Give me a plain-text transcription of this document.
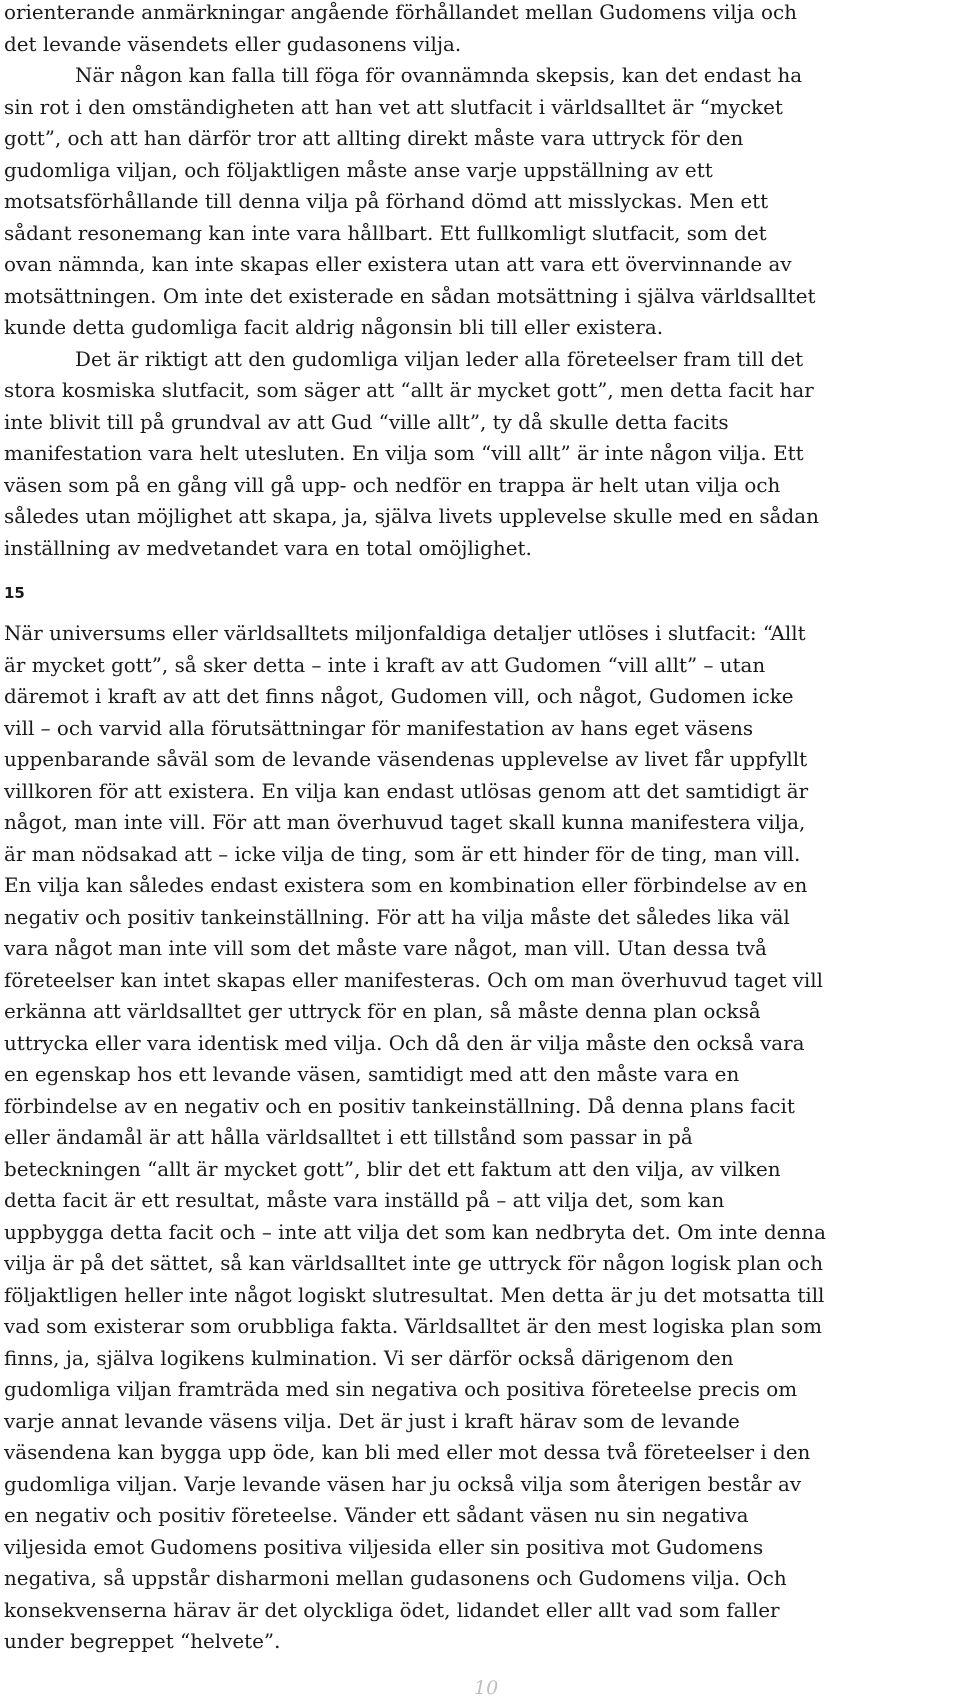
orienterande anmärkningar angående förhållandet mellan Gudomens vilja och
det levande väsendets eller gudasonens vilja.
När någon kan falla till föga för ovannämnda skepsis, kan det endast ha
sin rot i den omständigheten att han vet att slutfacit i världsalltet är “mycket
gott”, och att han därför tror att allting direkt måste vara uttryck för den
gudomliga viljan, och följaktligen måste anse varje uppställning av ett
motsatsförhållande till denna vilja på förhand dömd att misslyckas. Men ett
sådant resonemang kan inte vara hållbart. Ett fullkomligt slutfacit, som det
ovan nämnda, kan inte skapas eller existera utan att vara ett övervinnande av
motsättningen. Om inte det existerade en sådan motsättning i själva världsalltet
kunde detta gudomliga facit aldrig någonsin bli till eller existera.
Det är riktigt att den gudomliga viljan leder alla företeelser fram till det
stora kosmiska slutfacit, som säger att “allt är mycket gott”, men detta facit har
inte blivit till på grundval av att Gud “ville allt”, ty då skulle detta facits
manifestation vara helt utesluten. En vilja som “vill allt” är inte någon vilja. Ett
väsen som på en gång vill gå upp- och nedför en trappa är helt utan vilja och
således utan möjlighet att skapa, ja, själva livets upplevelse skulle med en sådan
inställning av medvetandet vara en total omöjlighet.
15
När universums eller världsalltets miljonfaldiga detaljer utlöses i slutfacit: “Allt
är mycket gott”, så sker detta – inte i kraft av att Gudomen “vill allt” – utan
däremot i kraft av att det finns något, Gudomen vill, och något, Gudomen icke
vill – och varvid alla förutsättningar för manifestation av hans eget väsens
uppenbarande såväl som de levande väsendenas upplevelse av livet får uppfyllt
villkoren för att existera. En vilja kan endast utlösas genom att det samtidigt är
något, man inte vill. För att man överhuvud taget skall kunna manifestera vilja,
är man nödsakad att – icke vilja de ting, som är ett hinder för de ting, man vill.
En vilja kan således endast existera som en kombination eller förbindelse av en
negativ och positiv tankeinställning. För att ha vilja måste det således lika väl
vara något man inte vill som det måste vare något, man vill. Utan dessa två
företeelser kan intet skapas eller manifesteras. Och om man överhuvud taget vill
erkänna att världsalltet ger uttryck för en plan, så måste denna plan också
uttrycka eller vara identisk med vilja. Och då den är vilja måste den också vara
en egenskap hos ett levande väsen, samtidigt med att den måste vara en
förbindelse av en negativ och en positiv tankeinställning. Då denna plans facit
eller ändamål är att hålla världsalltet i ett tillstånd som passar in på
beteckningen “allt är mycket gott”, blir det ett faktum att den vilja, av vilken
detta facit är ett resultat, måste vara inställd på – att vilja det, som kan
uppbygga detta facit och – inte att vilja det som kan nedbryta det. Om inte denna
vilja är på det sättet, så kan världsalltet inte ge uttryck för någon logisk plan och
följaktligen heller inte något logiskt slutresultat. Men detta är ju det motsatta till
vad som existerar som orubbliga fakta. Världsalltet är den mest logiska plan som
finns, ja, själva logikens kulmination. Vi ser därför också därigenom den
gudomliga viljan framträda med sin negativa och positiva företeelse precis om
varje annat levande väsens vilja. Det är just i kraft härav som de levande
väsendena kan bygga upp öde, kan bli med eller mot dessa två företeelser i den
gudomliga viljan. Varje levande väsen har ju också vilja som återigen består av
en negativ och positiv företeelse. Vänder ett sådant väsen nu sin negativa
viljesida emot Gudomens positiva viljesida eller sin positiva mot Gudomens
negativa, så uppstår disharmoni mellan gudasonens och Gudomens vilja. Och
konsekvenserna härav är det olyckliga ödet, lidandet eller allt vad som faller
under begreppet “helvete”.
10
